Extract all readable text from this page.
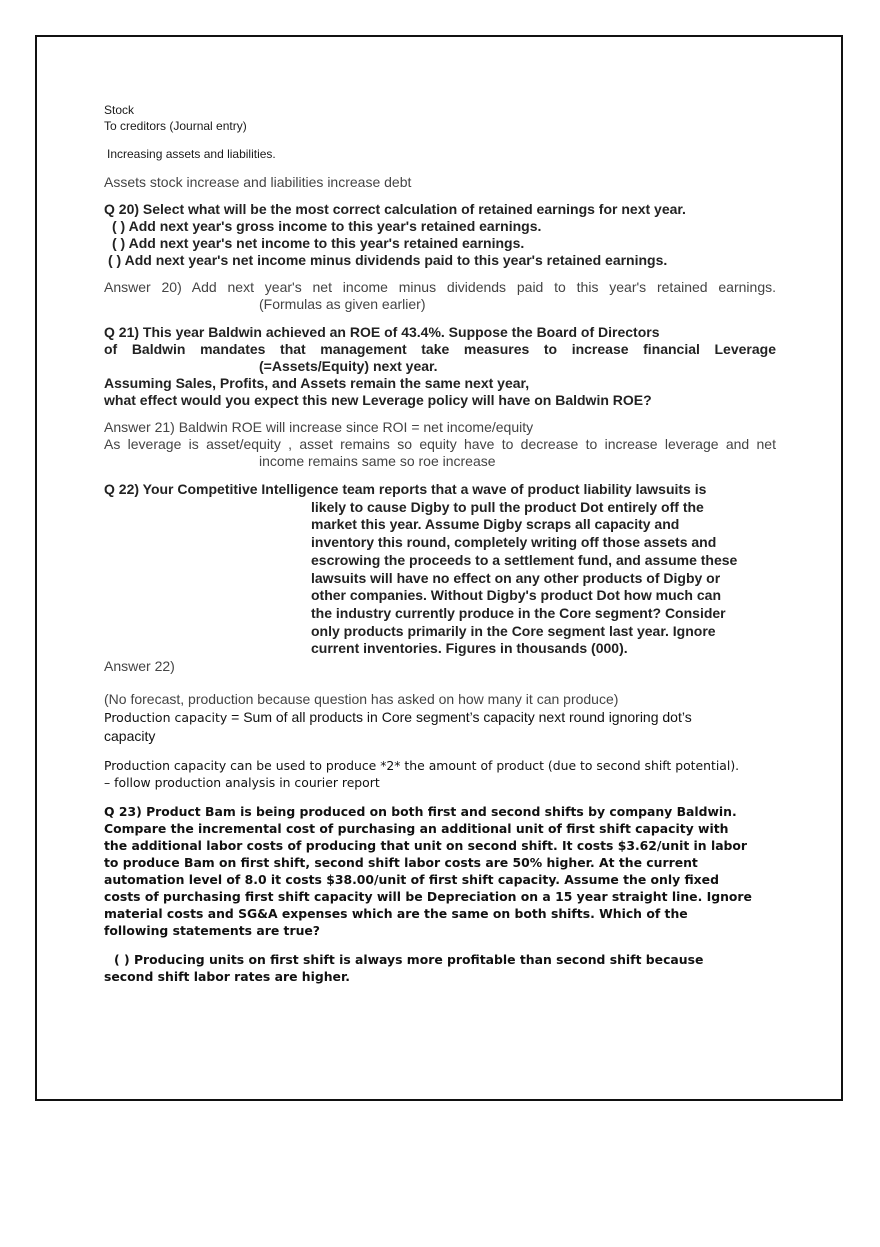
Stock

To creditors (Journal entry)

Increasing assets and liabilities.

Assets stock increase and liabilities increase debt

Q 20) Select what will be the most correct calculation of retained earnings for next year.

( ) Add next year's gross income to this year's retained earnings.

( ) Add next year's net income to this year's retained earnings.

( ) Add next year's net income minus dividends paid to this year's retained earnings.

Answer 20) Add next year's net income minus dividends paid to this year's retained earnings.

(Formulas as given earlier)

Q 21) This year Baldwin achieved an ROE of 43.4%. Suppose the Board of Directors

of Baldwin mandates that management take measures to increase financial Leverage

(=Assets/Equity) next year.

Assuming Sales, Profits, and Assets remain the same next year,

what effect would you expect this new Leverage policy will have on Baldwin ROE?

Answer 21) Baldwin ROE will increase since ROI = net income/equity

As leverage is asset/equity , asset remains so equity have to decrease to increase leverage and net

income remains same so roe increase

Q 22) Your Competitive Intelligence team reports that a wave of product liability lawsuits is

likely to cause Digby to pull the product Dot entirely off the

market this year. Assume Digby scraps all capacity and

inventory this round, completely writing off those assets and

escrowing the proceeds to a settlement fund, and assume these

lawsuits will have no effect on any other products of Digby or

other companies. Without Digby's product Dot how much can

the industry currently produce in the Core segment? Consider

only products primarily in the Core segment last year. Ignore

current inventories. Figures in thousands (000).

Answer 22)

(No forecast, production because question has asked on how many it can produce)

Production capacity = Sum of all products in Core segment’s capacity next round ignoring dot’s

capacity

Production capacity can be used to produce *2* the amount of product (due to second shift potential).

– follow production analysis in courier report

Q 23) Product Bam is being produced on both first and second shifts by company Baldwin.

Compare the incremental cost of purchasing an additional unit of first shift capacity with

the additional labor costs of producing that unit on second shift. It costs $3.62/unit in labor

to produce Bam on first shift, second shift labor costs are 50% higher. At the current

automation level of 8.0 it costs $38.00/unit of first shift capacity. Assume the only fixed

costs of purchasing first shift capacity will be Depreciation on a 15 year straight line. Ignore

material costs and SG&A expenses which are the same on both shifts. Which of the

following statements are true?

( ) Producing units on first shift is always more profitable than second shift because

second shift labor rates are higher.
